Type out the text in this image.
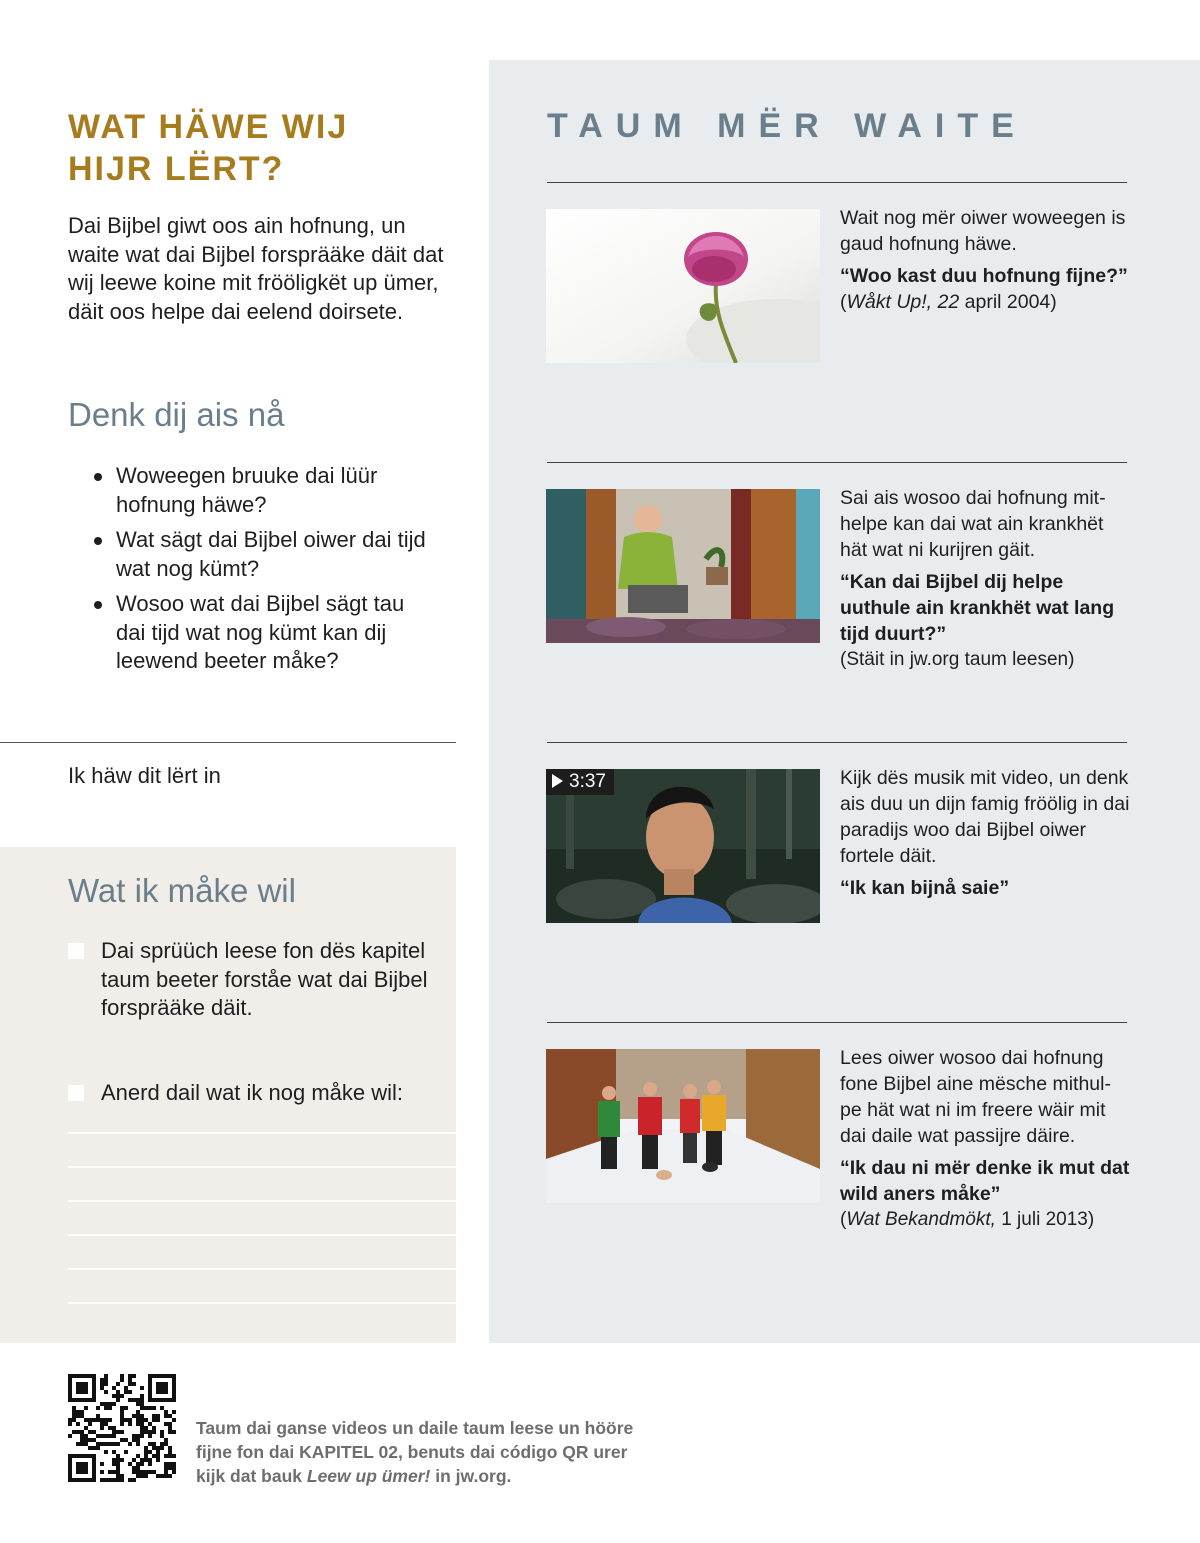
WAT HÄWE WIJ
HIJR LËRT?

Dai Bijbel giwt oos ain hofnung, un waite wat dai Bijbel forsprääke däit dat wij leewe koine mit frööligkët up ümer, däit oos helpe dai eelend doirsete.

Denk dij ais nå
Woweegen bruuke dai lüür hofnung häwe?
Wat sägt dai Bijbel oiwer dai tijd wat nog kümt?
Wosoo wat dai Bijbel sägt tau dai tijd wat nog kümt kan dij leewend beeter måke?
Ik häw dit lërt in
Wat ik måke wil
Dai sprüüch leese fon dës kapitel taum beeter forståe wat dai Bijbel forsprääke däit.
Anerd dail wat ik nog måke wil:
TAUM MËR WAITE
Wait nog mër oiwer woweegen is gaud hofnung häwe.
“Woo kast duu hofnung fijne?” (Wåkt Up!, 22 april 2004)
Sai ais wosoo dai hofnung mit-helpe kan dai wat ain krankhët hät wat ni kurijren gäit.
“Kan dai Bijbel dij helpe uuthule ain krankhët wat lang tijd duurt?”
(Stäit in jw.org taum leesen)
3:37	Kijk dës musik mit video, un denk ais duu un dijn famig fröölig in dai paradijs woo dai Bijbel oiwer fortele däit.
“Ik kan bijnå saie”
Lees oiwer wosoo dai hofnung fone Bijbel aine mësche mithul-pe hät wat ni im freere wäir mit dai daile wat passijre däire.
“Ik dau ni mër denke ik mut dat wild aners måke”
(Wat Bekandmökt, 1 juli 2013)
Taum dai ganse videos un daile taum leese un hööre fijne fon dai KAPITEL 02, benuts dai código QR urer kijk dat bauk Leew up ümer! in jw.org.
